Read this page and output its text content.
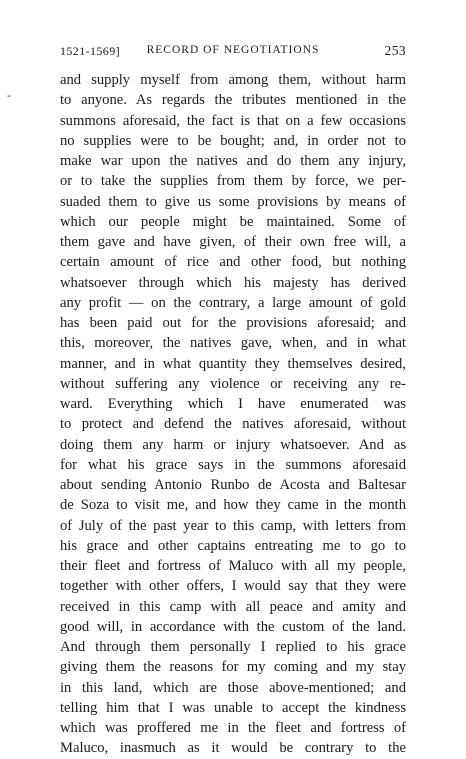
1521-1569]	RECORD OF NEGOTIATIONS	253
-
and supply myself from among them, without harm
to anyone. As regards the tributes mentioned in the
summons aforesaid, the fact is that on a few occasions
no supplies were to be bought; and, in order not to
make war upon the natives and do them any injury,
or to take the supplies from them by force, we per-
suaded them to give us some provisions by means of
which our people might be maintained. Some of
them gave and have given, of their own free will, a
certain amount of rice and other food, but nothing
whatsoever through which his majesty has derived
any profit — on the contrary, a large amount of gold
has been paid out for the provisions aforesaid; and
this, moreover, the natives gave, when, and in what
manner, and in what quantity they themselves desired,
without suffering any violence or receiving any re-
ward. Everything which I have enumerated was
to protect and defend the natives aforesaid, without
doing them any harm or injury whatsoever. And as
for what his grace says in the summons aforesaid
about sending Antonio Runbo de Acosta and Baltesar
de Soza to visit me, and how they came in the month
of July of the past year to this camp, with letters from
his grace and other captains entreating me to go to
their fleet and fortress of Maluco with all my people,
together with other offers, I would say that they were
received in this camp with all peace and amity and
good will, in accordance with the custom of the land.
And through them personally I replied to his grace
giving them the reasons for my coming and my stay
in this land, which are those above-mentioned; and
telling him that I was unable to accept the kindness
which was proffered me in the fleet and fortress of
Maluco, inasmuch as it would be contrary to the
